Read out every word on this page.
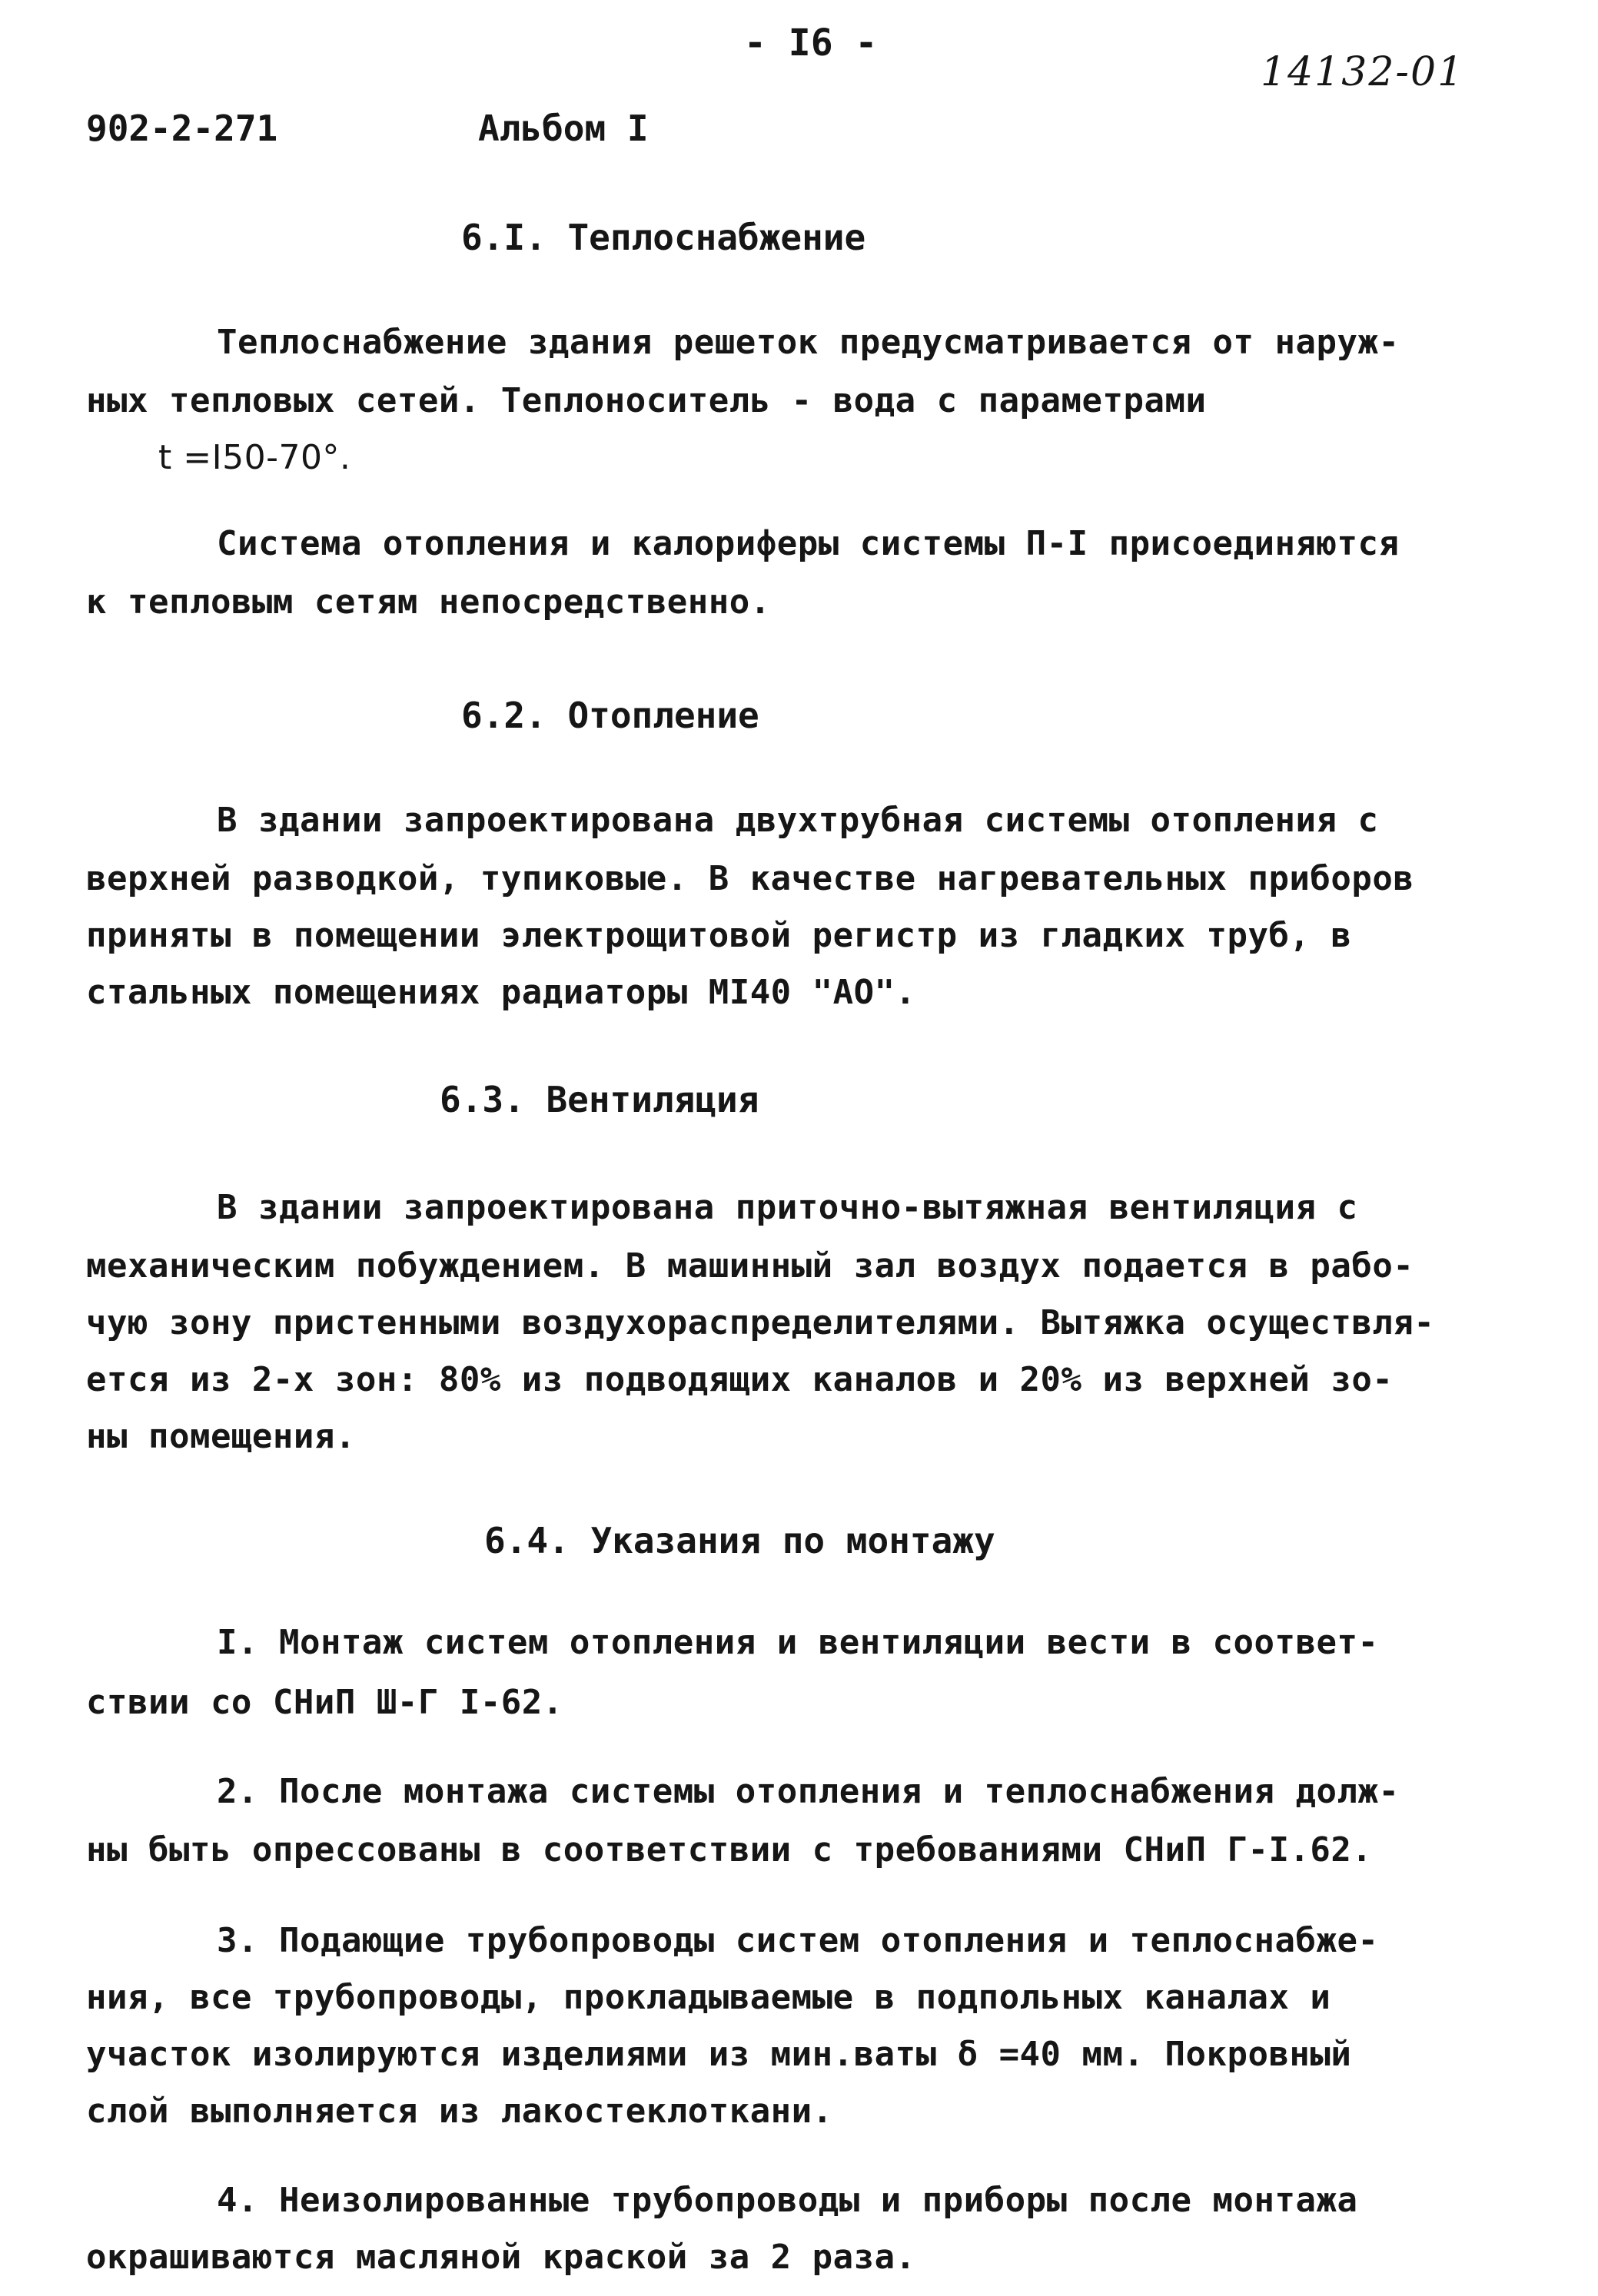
- I6 -
14132-01
902-2-271	Альбом I
6.I. Теплоснабжение
Теплоснабжение здания решеток предусматривается от наруж-
ных тепловых сетей. Теплоноситель - вода с параметрами
t =I50-70°.
Система отопления и калориферы системы П-I присоединяются
к тепловым сетям непосредственно.
6.2. Отопление
В здании запроектирована двухтрубная системы отопления с
верхней разводкой, тупиковые. В качестве нагревательных приборов
приняты в помещении электрощитовой регистр из гладких труб, в
стальных помещениях радиаторы МI40 "АО".
6.3. Вентиляция
В здании запроектирована приточно-вытяжная вентиляция с
механическим побуждением. В машинный зал воздух подается в рабо-
чую зону пристенными воздухораспределителями. Вытяжка осуществля-
ется из 2-х зон: 80% из подводящих каналов и 20% из верхней зо-
ны помещения.
6.4. Указания по монтажу
I. Монтаж систем отопления и вентиляции вести в соответ-
ствии со СНиП Ш-Г I-62.
2. После монтажа системы отопления и теплоснабжения долж-
ны быть опрессованы в соответствии с требованиями СНиП Г-I.62.
3. Подающие трубопроводы систем отопления и теплоснабже-
ния, все трубопроводы, прокладываемые в подпольных каналах и
участок изолируются изделиями из мин.ваты δ =40 мм. Покровный
слой выполняется из лакостеклоткани.
4. Неизолированные трубопроводы и приборы после монтажа
окрашиваются масляной краской за 2 раза.
